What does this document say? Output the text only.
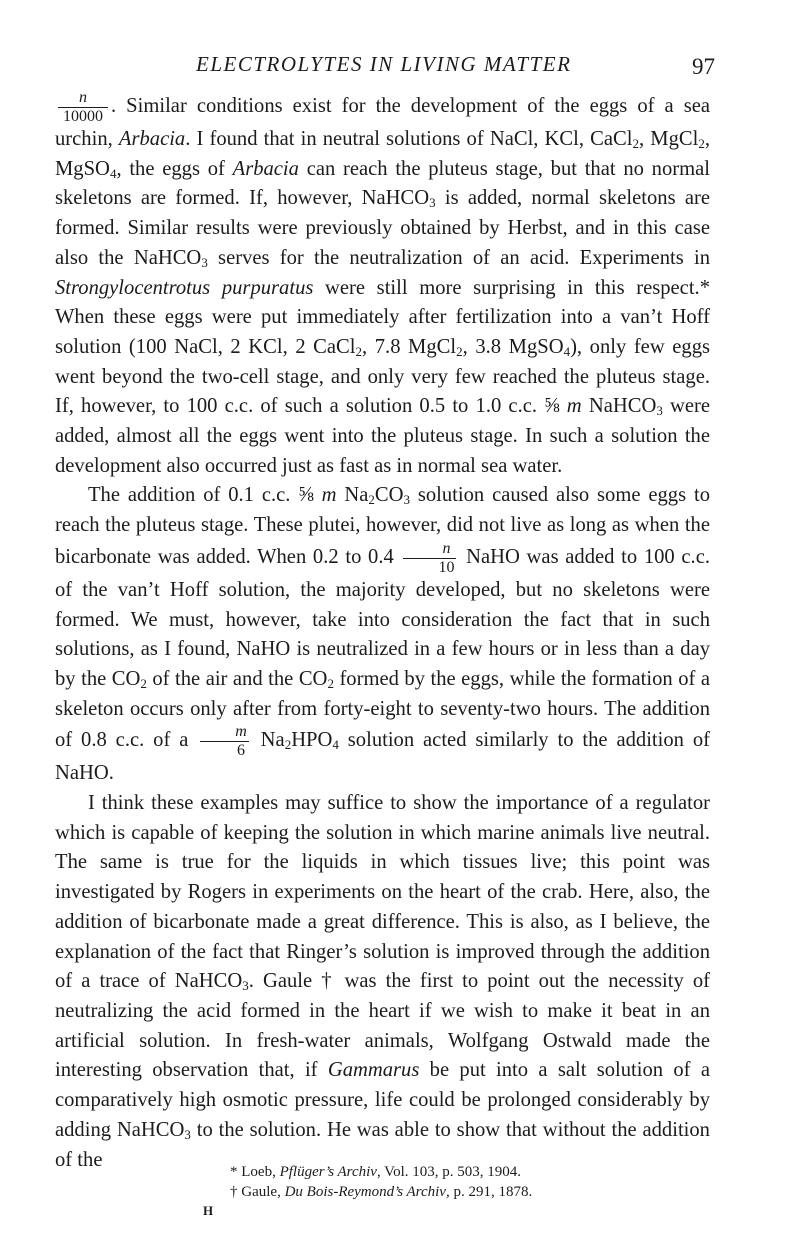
ELECTROLYTES IN LIVING MATTER	97

$\frac{n}{10000}$ . Similar conditions exist for the development of the eggs of a sea urchin, Arbacia. I found that in neutral solutions of NaCl, KCl, CaCl$_2$, MgCl$_2$, MgSO$_4$, the eggs of Arbacia can reach the pluteus stage, but that no normal skeletons are formed. If, however, NaHCO$_3$ is added, normal skeletons are formed. Similar results were previously obtained by Herbst, and in this case also the NaHCO$_3$ serves for the neutralization of an acid. Experiments in Strongylocentrotus purpuratus were still more surprising in this respect.* When these eggs were put immediately after fertilization into a van’t Hoff solution (100 NaCl, 2 KCl, 2 CaCl$_2$, 7.8 MgCl$_2$, 3.8 MgSO$_4$), only few eggs went beyond the two-cell stage, and only very few reached the pluteus stage. If, however, to 100 c.c. of such a solution 0.5 to 1.0 c.c. ⅝ m NaHCO$_3$ were added, almost all the eggs went into the pluteus stage. In such a solution the development also occurred just as fast as in normal sea water.

The addition of 0.1 c.c. ⅝ m $Na_2CO_3$ solution caused also some eggs to reach the pluteus stage. These plutei, however, did not live as long as when the bicarbonate was added. When 0.2 to $0.4 \frac{n}{10}$ NaHO was added to 100 c.c. of the van’t Hoff solution, the majority developed, but no skeletons were formed. We must, however, take into consideration the fact that in such solutions, as I found, NaHO is neutralized in a few hours or in less than a day by the $CO_2$ of the air and the $CO_2$ formed by the eggs, while the formation of a skeleton occurs only after from forty-eight to seventy-two hours. The addition of 0.8 c.c. of a $\frac{m}{6} Na_2HPO_4$ solution acted similarly to the addition of NaHO.

I think these examples may suffice to show the importance of a regulator which is capable of keeping the solution in which marine animals live neutral. The same is true for the liquids in which tissues live; this point was investigated by Rogers in experiments on the heart of the crab. Here, also, the addition of bicarbonate made a great difference. This is also, as I believe, the explanation of the fact that Ringer’s solution is improved through the addition of a trace of NaHCO$_3$. Gaule † was the first to point out the necessity of neutralizing the acid formed in the heart if we wish to make it beat in an artificial solution. In fresh-water animals, Wolfgang Ostwald made the interesting observation that, if Gammarus be put into a salt solution of a comparatively high osmotic pressure, life could be prolonged considerably by adding NaHCO$_3$ to the solution. He was able to show that without the addition of the

* Loeb, Pflüger’s Archiv, Vol. 103, p. 503, 1904.

† Gaule, Du Bois-Reymond’s Archiv, p. 291, 1878.

H
